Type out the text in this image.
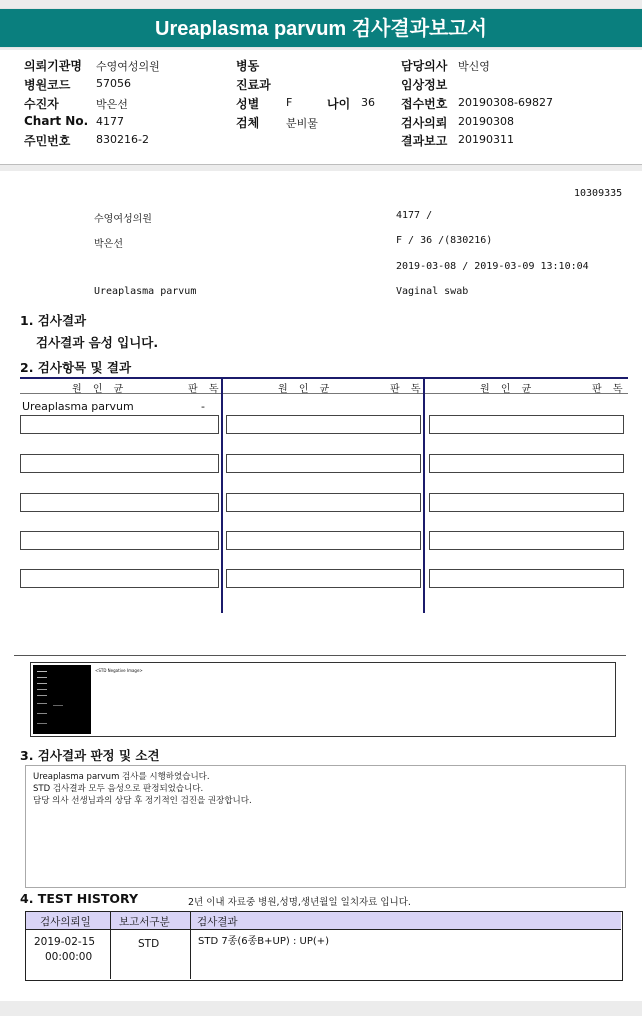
Ureaplasma parvum 검사결과보고서
의뢰기관명 수영여성의원
병원코드 57056
수진자	박은선
Chart No. 4177
주민번호 830216-2
병동
진료과
성별 F	나이 36
검체 분비물
담당의사 박신영
임상정보
접수번호 20190308-69827
검사의뢰 20190308
결과보고 20190311
10309335
수영여성의원	4177 /
박은선	F / 36 /(830216)
2019-03-08 / 2019-03-09 13:10:04
Ureaplasma parvum	Vaginal swab
1. 검사결과
검사결과 음성 입니다.
2. 검사항목 및 결과
원 인 균	판 독	원 인 균	판 독	원 인 균	판 독
Ureaplasma parvum	-
<STD Negative Image>
3. 검사결과 판정 및 소견
Ureaplasma parvum 검사를 시행하였습니다.
STD 검사결과 모두 음성으로 판정되었습니다.
담당 의사 선생님과의 상담 후 정기적인 검진을 권장합니다.
4. TEST HISTORY	2년 이내 자료중 병원,성명,생년월일 일치자료 입니다.
검사의뢰일	보고서구분	검사결과
2019-02-15
00:00:00
STD	STD 7종(6종B+UP) : UP(+)
